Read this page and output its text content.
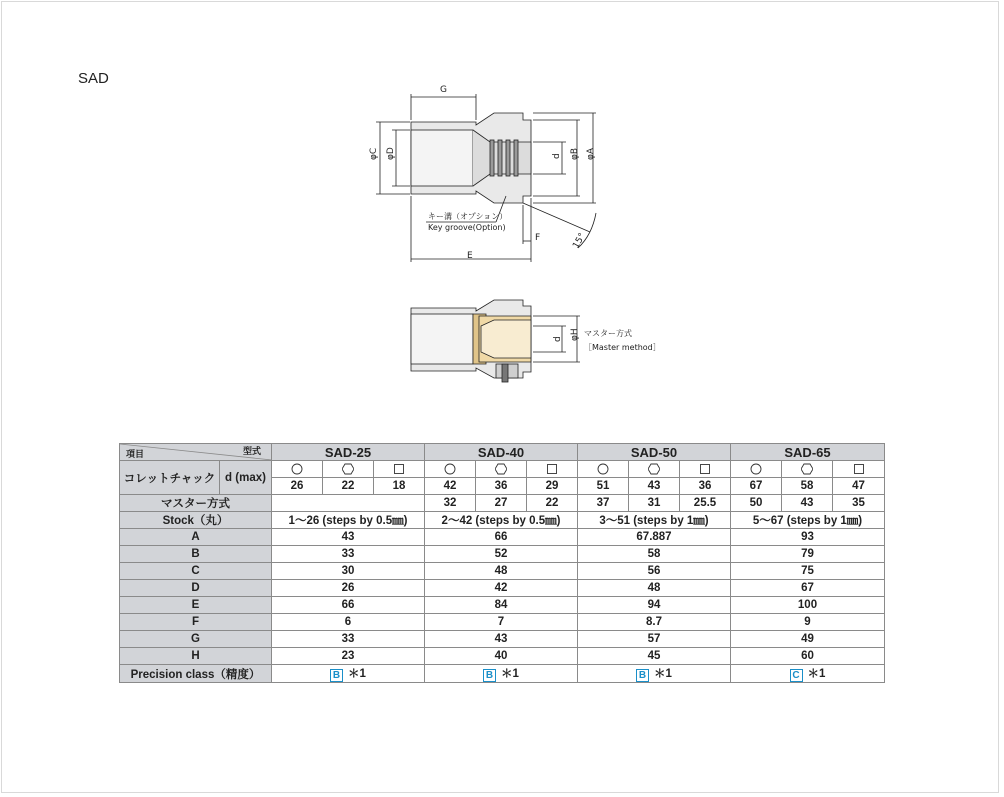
SAD
G
φC φD	d φB φA
キー溝（オプション）
Key groove(Option)
F	15°
E
d φH マスター方式
［Master method］
項目 型式		SAD-25			SAD-40			SAD-50			SAD-65		
コレットチャック	d (max)												
		26	22	18	42	36	29	51	43	36	67	58	47
マスター方式					32	27	22	37	31	25.5	50	43	35
Stock（丸）		1～26 (steps by 0.5㎜)			2～42 (steps by 0.5㎜)			3～51 (steps by 1㎜)			5～67 (steps by 1㎜)		
A		43			66			67.887			93		
B		33			52			58			79		
C		30			48			56			75		
D		26			42			48			67		
E		66			84			94			100		
F		6			7			8.7			9		
G		33			43			57			49		
H		23			40			45			60		
Precision class（精度）		B ＊1			B ＊1			B ＊1			C ＊1		
